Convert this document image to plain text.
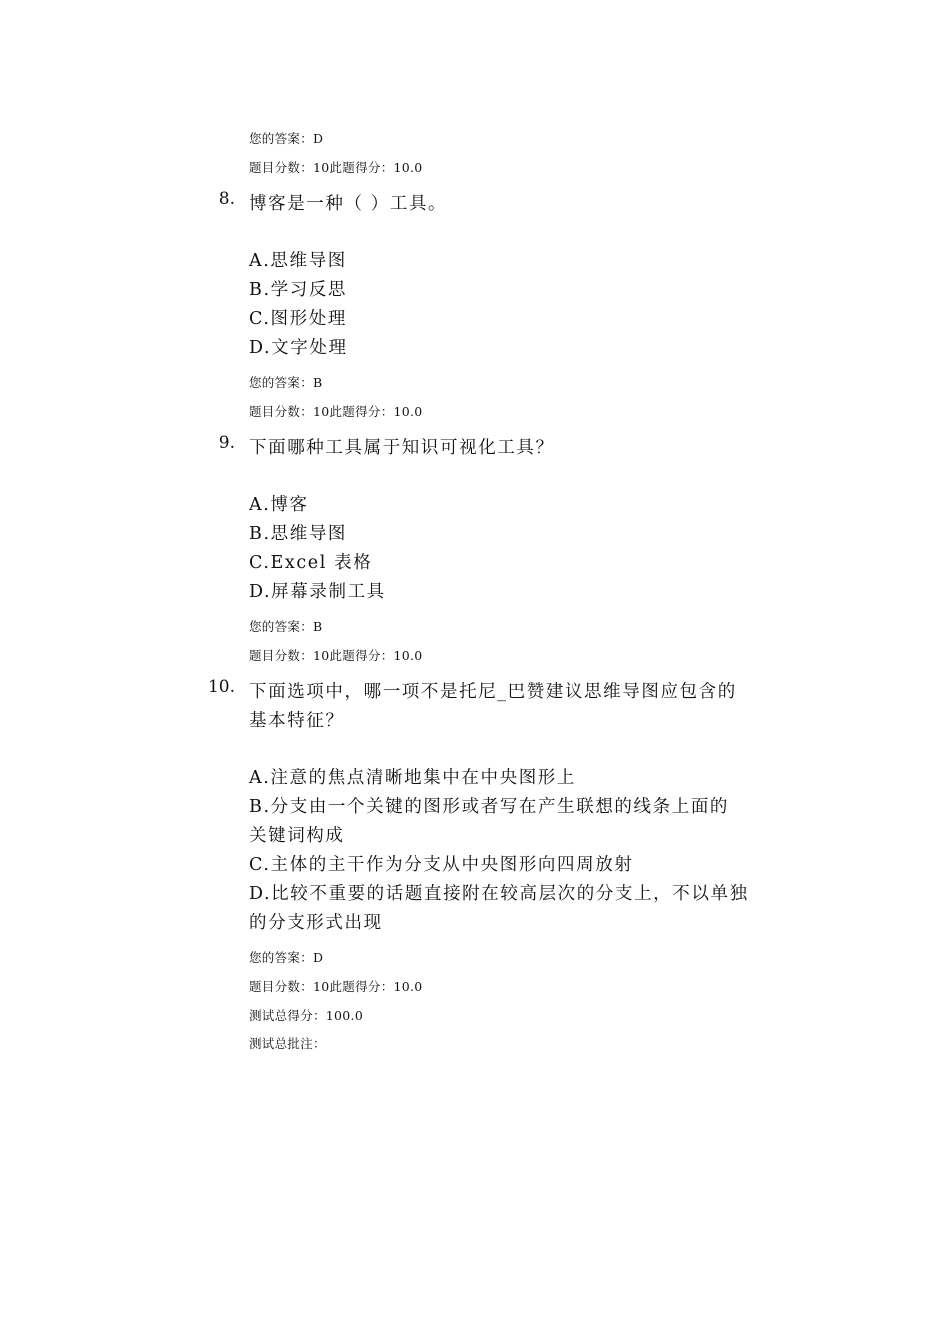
您的答案：D
题目分数：10此题得分：10.0
8. 博客是一种（ ）工具。
A.思维导图
B.学习反思
C.图形处理
D.文字处理
您的答案：B
题目分数：10此题得分：10.0
9. 下面哪种工具属于知识可视化工具？
A.博客
B.思维导图
C.Excel 表格
D.屏幕录制工具
您的答案：B
题目分数：10此题得分：10.0
10. 下面选项中，哪一项不是托尼_巴赞建议思维导图应包含的
基本特征？
A.注意的焦点清晰地集中在中央图形上
B.分支由一个关键的图形或者写在产生联想的线条上面的
关键词构成
C.主体的主干作为分支从中央图形向四周放射
D.比较不重要的话题直接附在较高层次的分支上，不以单独
的分支形式出现
您的答案：D
题目分数：10此题得分：10.0
测试总得分：100.0
测试总批注：
